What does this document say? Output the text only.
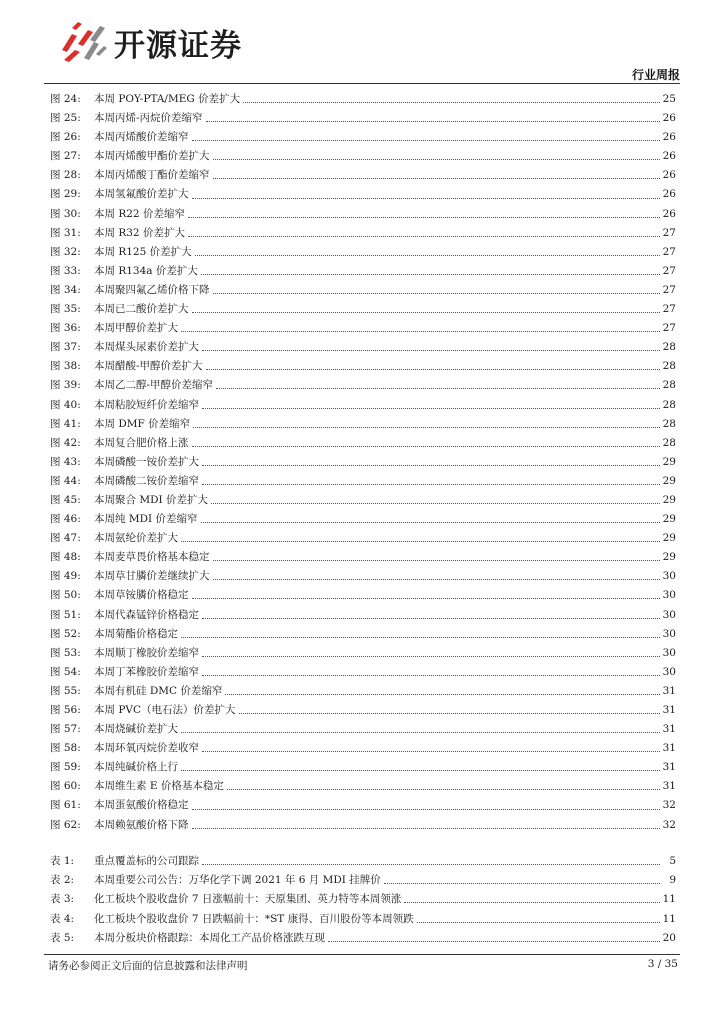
开源证券
行业周报
图 24:	本周 POY-PTA/MEG 价差扩大	25
图 25:	本周丙烯-丙烷价差缩窄	26
图 26:	本周丙烯酸价差缩窄	26
图 27:	本周丙烯酸甲酯价差扩大	26
图 28:	本周丙烯酸丁酯价差缩窄	26
图 29:	本周氢氟酸价差扩大	26
图 30:	本周 R22 价差缩窄	26
图 31:	本周 R32 价差扩大	27
图 32:	本周 R125 价差扩大	27
图 33:	本周 R134a 价差扩大	27
图 34:	本周聚四氟乙烯价格下降	27
图 35:	本周已二酸价差扩大	27
图 36:	本周甲醇价差扩大	27
图 37:	本周煤头尿素价差扩大	28
图 38:	本周醋酸-甲醇价差扩大	28
图 39:	本周乙二醇-甲醇价差缩窄	28
图 40:	本周粘胶短纤价差缩窄	28
图 41:	本周 DMF 价差缩窄	28
图 42:	本周复合肥价格上涨	28
图 43:	本周磷酸一铵价差扩大	29
图 44:	本周磷酸二铵价差缩窄	29
图 45:	本周聚合 MDI 价差扩大	29
图 46:	本周纯 MDI 价差缩窄	29
图 47:	本周氨纶价差扩大	29
图 48:	本周麦草畏价格基本稳定	29
图 49:	本周草甘膦价差继续扩大	30
图 50:	本周草铵膦价格稳定	30
图 51:	本周代森锰锌价格稳定	30
图 52:	本周菊酯价格稳定	30
图 53:	本周顺丁橡胶价差缩窄	30
图 54:	本周丁苯橡胶价差缩窄	30
图 55:	本周有机硅 DMC 价差缩窄	31
图 56:	本周 PVC（电石法）价差扩大	31
图 57:	本周烧碱价差扩大	31
图 58:	本周环氧丙烷价差收窄	31
图 59:	本周纯碱价格上行	31
图 60:	本周维生素 E 价格基本稳定	31
图 61:	本周蛋氨酸价格稳定	32
图 62:	本周赖氨酸价格下降	32
表 1:	重点覆盖标的公司跟踪	5
表 2:	本周重要公司公告：万华化学下调 2021 年 6 月 MDI 挂牌价	9
表 3:	化工板块个股收盘价 7 日涨幅前十：天原集团、英力特等本周领涨	11
表 4:	化工板块个股收盘价 7 日跌幅前十：*ST 康得、百川股份等本周领跌	11
表 5:	本周分板块价格跟踪：本周化工产品价格涨跌互现	20
请务必参阅正文后面的信息披露和法律声明	3 / 35
